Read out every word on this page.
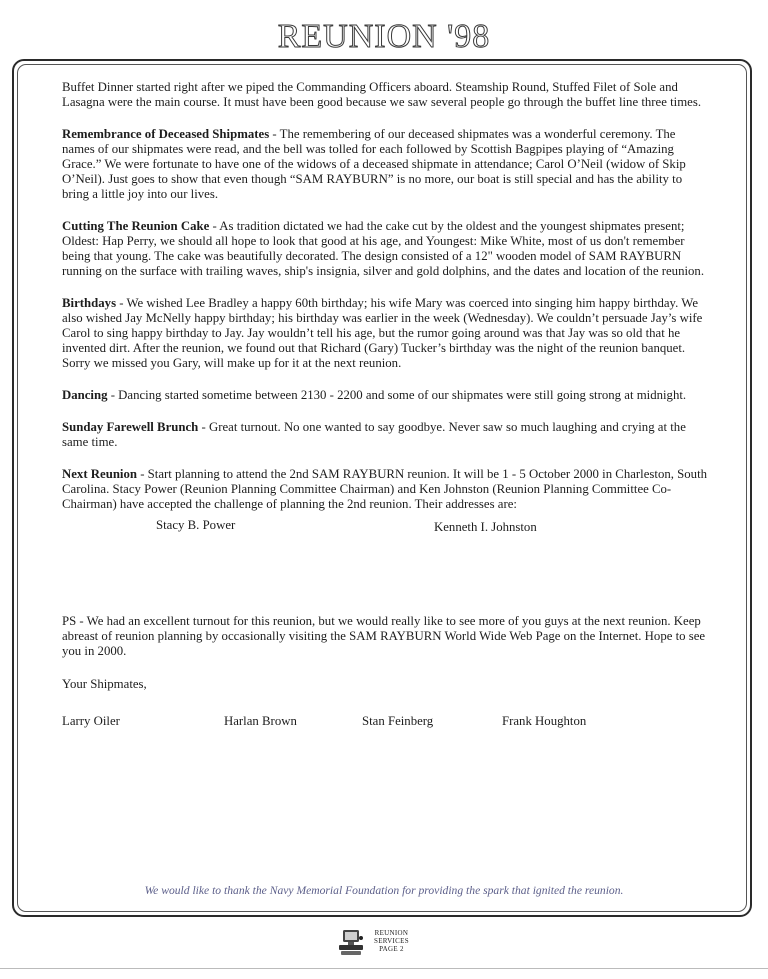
REUNION '98

Buffet Dinner started right after we piped the Commanding Officers aboard. Steamship Round, Stuffed Filet of Sole and Lasagna were the main course. It must have been good because we saw several people go through the buffet line three times.

Remembrance of Deceased Shipmates - The remembering of our deceased shipmates was a wonderful ceremony. The names of our shipmates were read, and the bell was tolled for each followed by Scottish Bagpipes playing of “Amazing Grace.” We were fortunate to have one of the widows of a deceased shipmate in attendance; Carol O’Neil (widow of Skip O’Neil). Just goes to show that even though “SAM RAYBURN” is no more, our boat is still special and has the ability to bring a little joy into our lives.

Cutting The Reunion Cake - As tradition dictated we had the cake cut by the oldest and the youngest shipmates present; Oldest: Hap Perry, we should all hope to look that good at his age, and Youngest: Mike White, most of us don't remember being that young. The cake was beautifully decorated. The design consisted of a 12" wooden model of SAM RAYBURN running on the surface with trailing waves, ship's insignia, silver and gold dolphins, and the dates and location of the reunion.

Birthdays - We wished Lee Bradley a happy 60th birthday; his wife Mary was coerced into singing him happy birthday. We also wished Jay McNelly happy birthday; his birthday was earlier in the week (Wednesday). We couldn’t persuade Jay’s wife Carol to sing happy birthday to Jay. Jay wouldn’t tell his age, but the rumor going around was that Jay was so old that he invented dirt. After the reunion, we found out that Richard (Gary) Tucker’s birthday was the night of the reunion banquet. Sorry we missed you Gary, will make up for it at the next reunion.

Dancing - Dancing started sometime between 2130 - 2200 and some of our shipmates were still going strong at midnight.

Sunday Farewell Brunch - Great turnout. No one wanted to say goodbye. Never saw so much laughing and crying at the same time.

Next Reunion - Start planning to attend the 2nd SAM RAYBURN reunion. It will be 1 - 5 October 2000 in Charleston, South Carolina. Stacy Power (Reunion Planning Committee Chairman) and Ken Johnston (Reunion Planning Committee Co-Chairman) have accepted the challenge of planning the 2nd reunion. Their addresses are:

Stacy B. Power	Kenneth I. Johnston

PS - We had an excellent turnout for this reunion, but we would really like to see more of you guys at the next reunion. Keep abreast of reunion planning by occasionally visiting the SAM RAYBURN World Wide Web Page on the Internet. Hope to see you in 2000.

Your Shipmates,
Larry Oiler	Harlan Brown	Stan Feinberg	Frank Houghton
We would like to thank the Navy Memorial Foundation for providing the spark that ignited the reunion.
REUNION
SERVICES
PAGE 2
